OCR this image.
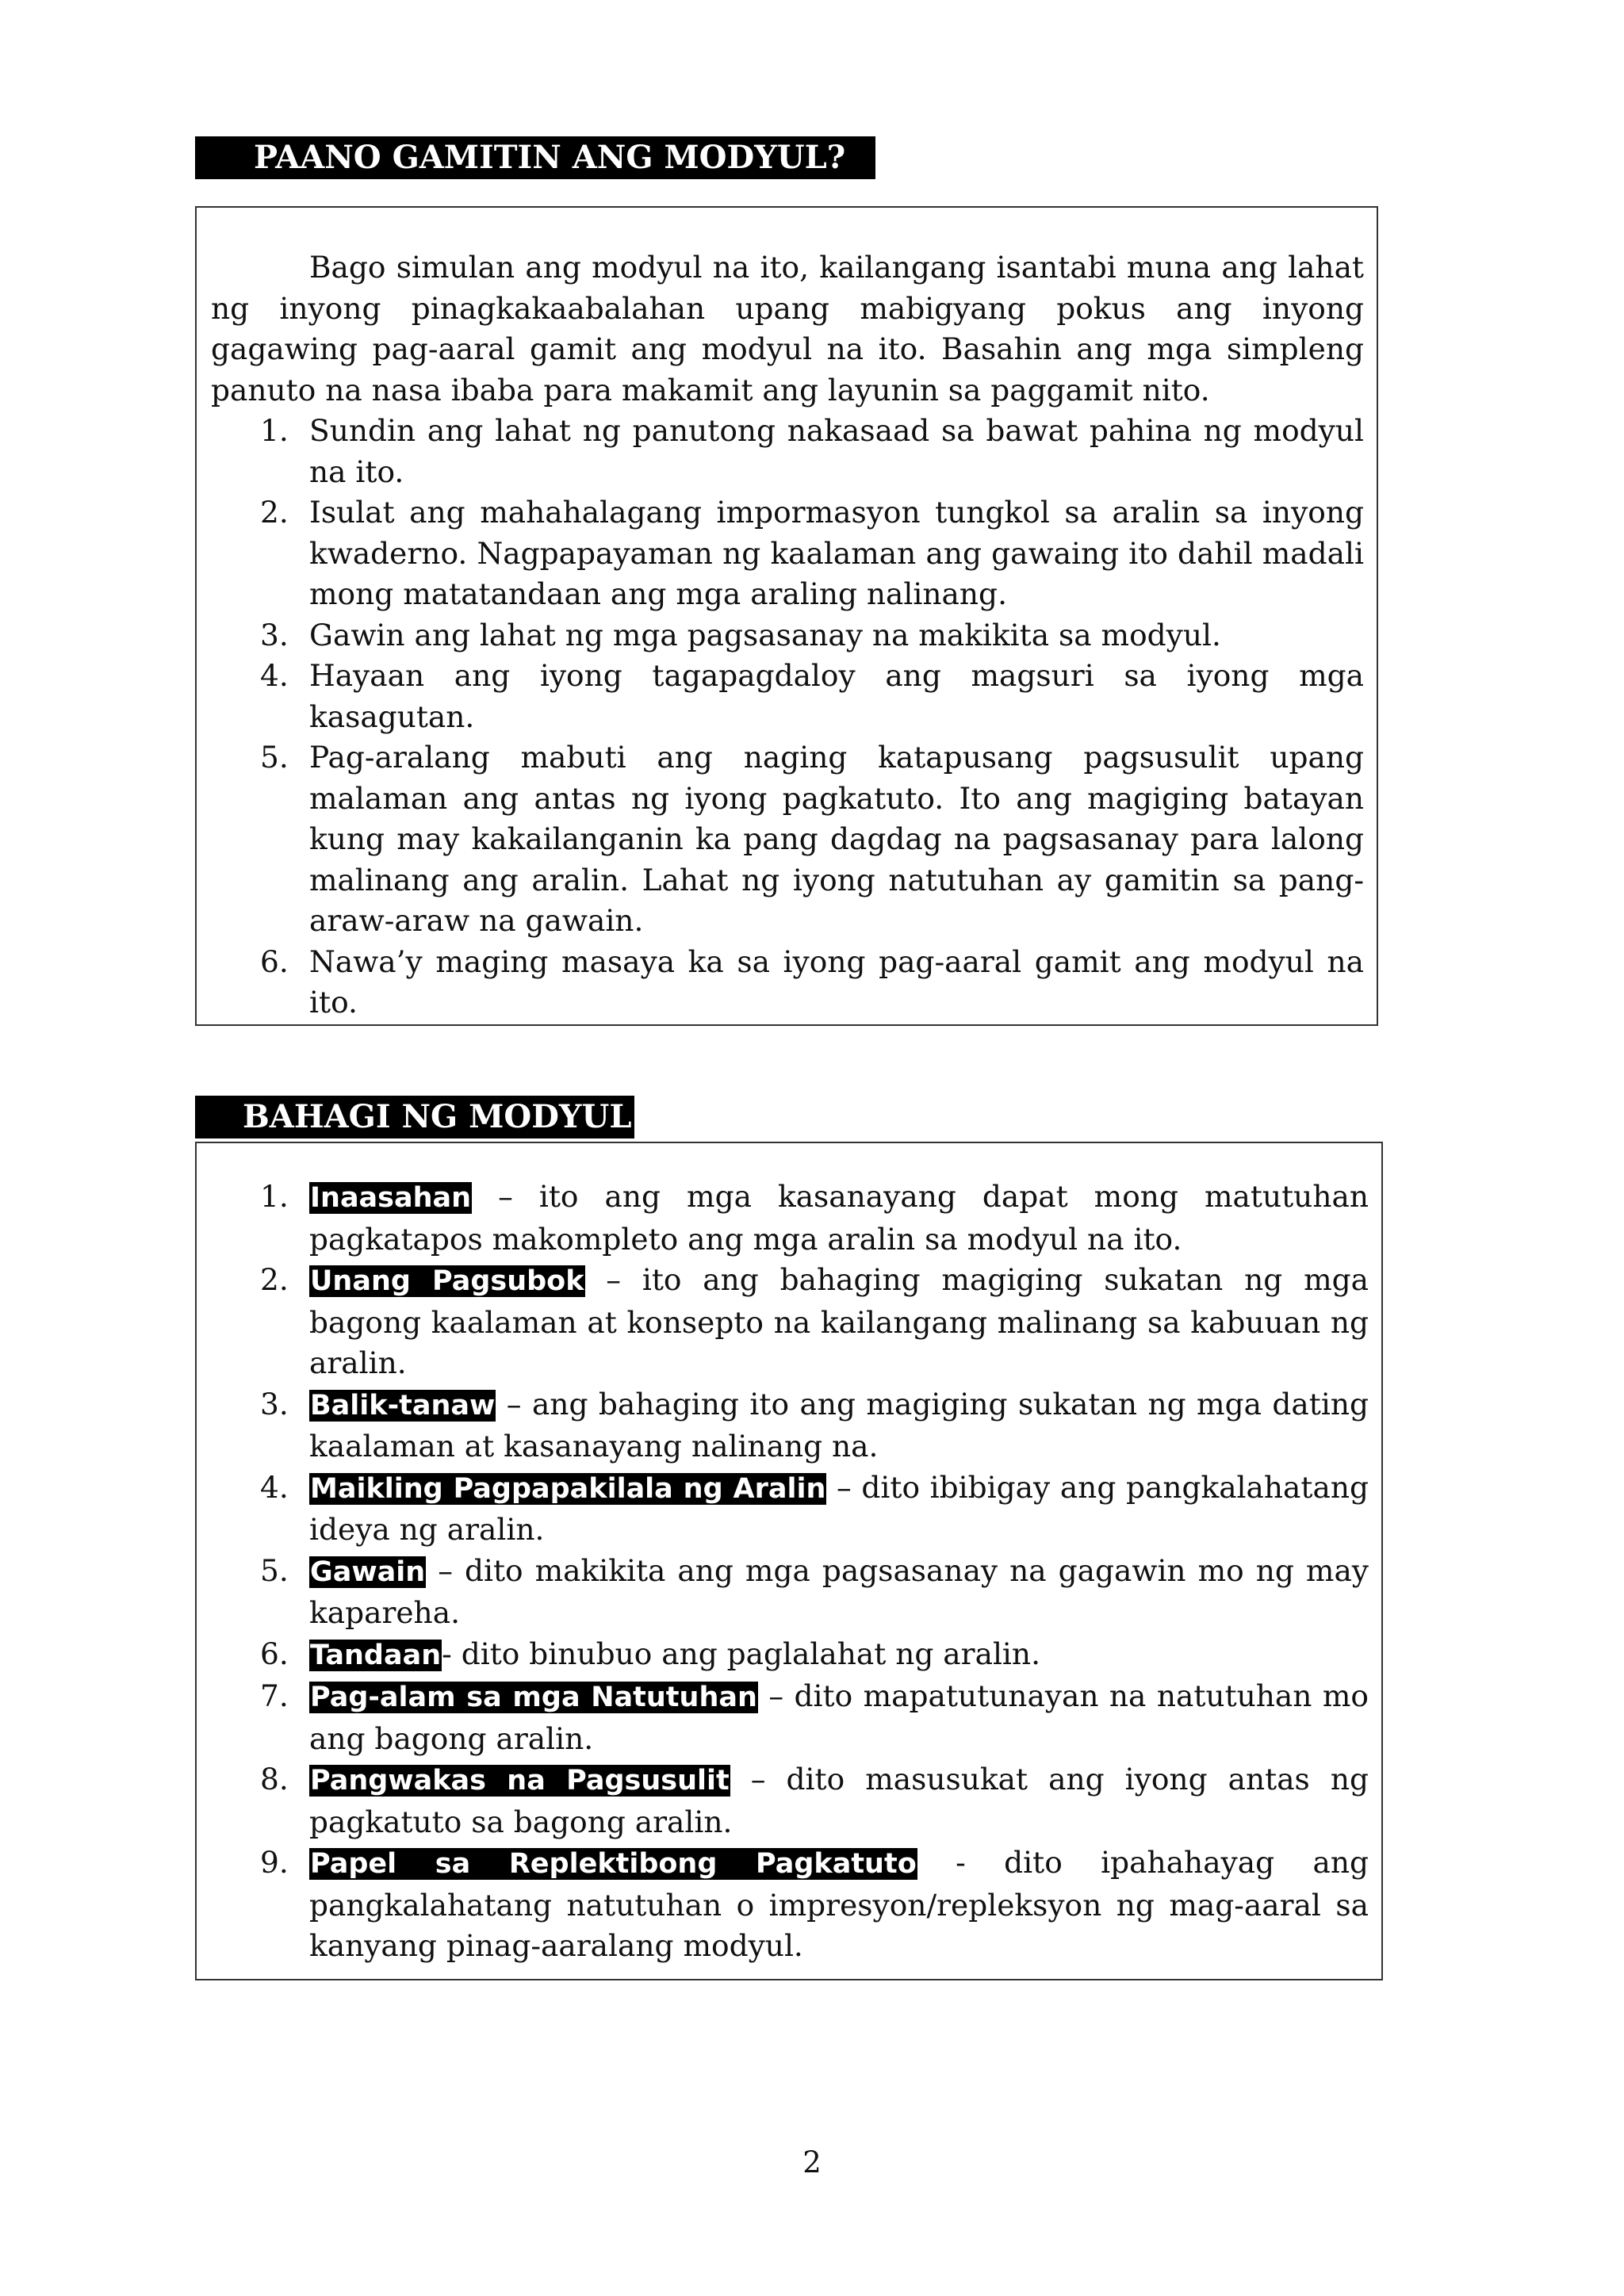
PAANO GAMITIN ANG MODYUL?

Bago simulan ang modyul na ito, kailangang isantabi muna ang lahat ng inyong pinagkakaabalahan upang mabigyang pokus ang inyong gagawing pag-aaral gamit ang modyul na ito. Basahin ang mga simpleng panuto na nasa ibaba para makamit ang layunin sa paggamit nito.

1. Sundin ang lahat ng panutong nakasaad sa bawat pahina ng modyul na ito.
2. Isulat ang mahahalagang impormasyon tungkol sa aralin sa inyong kwaderno. Nagpapayaman ng kaalaman ang gawaing ito dahil madali mong matatandaan ang mga araling nalinang.
3. Gawin ang lahat ng mga pagsasanay na makikita sa modyul.
4. Hayaan ang iyong tagapagdaloy ang magsuri sa iyong mga kasagutan.
5. Pag-aralang mabuti ang naging katapusang pagsusulit upang malaman ang antas ng iyong pagkatuto. Ito ang magiging batayan kung may kakailanganin ka pang dagdag na pagsasanay para lalong malinang ang aralin. Lahat ng iyong natutuhan ay gamitin sa pang-araw-araw na gawain.
6. Nawa’y maging masaya ka sa iyong pag-aaral gamit ang modyul na ito.
BAHAGI NG MODYUL
1. Inaasahan – ito ang mga kasanayang dapat mong matutuhan pagkatapos makompleto ang mga aralin sa modyul na ito.
2. Unang Pagsubok – ito ang bahaging magiging sukatan ng mga bagong kaalaman at konsepto na kailangang malinang sa kabuuan ng aralin.
3. Balik-tanaw – ang bahaging ito ang magiging sukatan ng mga dating kaalaman at kasanayang nalinang na.
4. Maikling Pagpapakilala ng Aralin – dito ibibigay ang pangkalahatang ideya ng aralin.
5. Gawain – dito makikita ang mga pagsasanay na gagawin mo ng may kapareha.
6. Tandaan- dito binubuo ang paglalahat ng aralin.
7. Pag-alam sa mga Natutuhan – dito mapatutunayan na natutuhan mo ang bagong aralin.
8. Pangwakas na Pagsusulit – dito masusukat ang iyong antas ng pagkatuto sa bagong aralin.
9. Papel sa Replektibong Pagkatuto - dito ipahahayag ang pangkalahatang natutuhan o impresyon/repleksyon ng mag-aaral sa kanyang pinag-aaralang modyul.
2
